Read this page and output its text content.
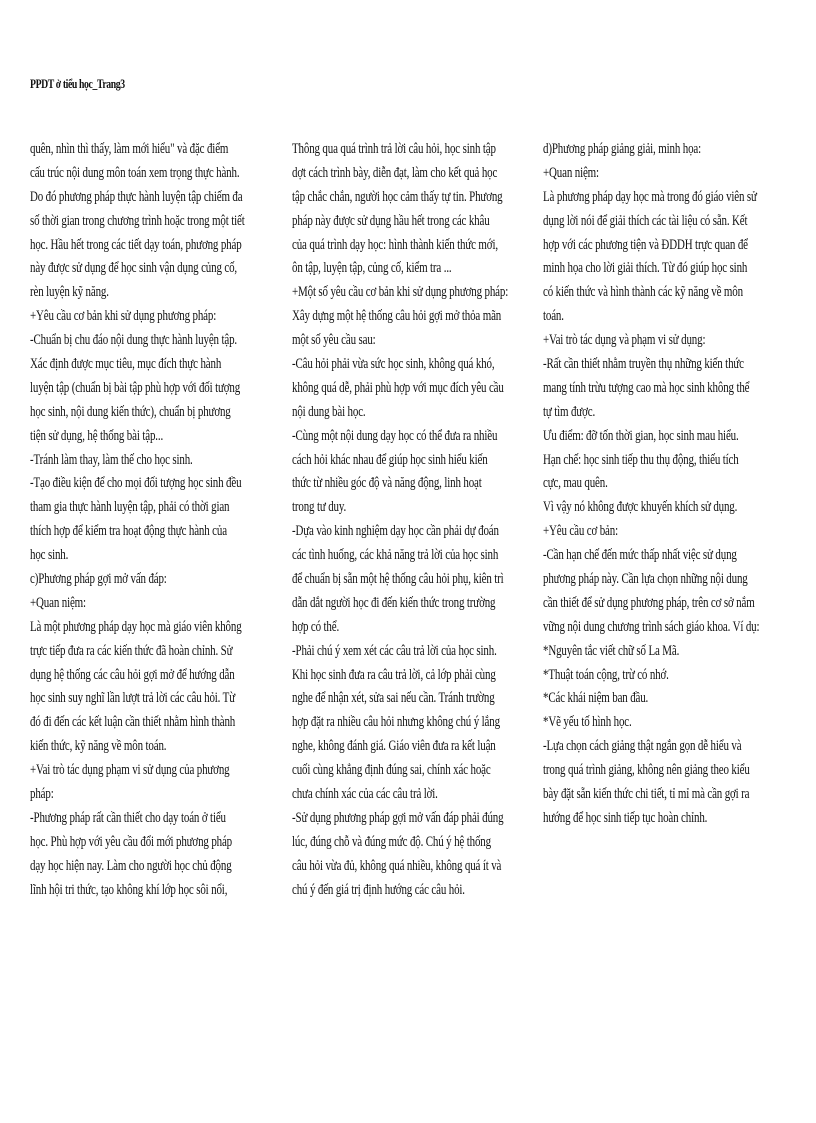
PPDT ở tiểu học_Trang3
quên, nhìn thì thấy, làm mới hiểu" và đặc điểm
cấu trúc nội dung môn toán xem trọng thực hành.
Do đó phương pháp thực hành luyện tập chiếm đa
số thời gian trong chương trình hoặc trong một tiết
học. Hầu hết trong các tiết dạy toán, phương pháp
này được sử dụng để học sinh vận dụng củng cố,
rèn luyện kỹ năng.
+Yêu cầu cơ bản khi sử dụng phương pháp:
-Chuẩn bị chu đáo nội dung thực hành luyện tập.
Xác định được mục tiêu, mục đích thực hành
luyện tập (chuẩn bị bài tập phù hợp với đối tượng
học sinh, nội dung kiến thức), chuẩn bị phương
tiện sử dụng, hệ thống bài tập...
-Tránh làm thay, làm thế cho học sinh.
-Tạo điều kiện để cho mọi đối tượng học sinh đều
tham gia thực hành luyện tập, phải có thời gian
thích hợp để kiểm tra hoạt động thực hành của
học sinh.
c)Phương pháp gợi mở vấn đáp:
+Quan niệm:
Là một phương pháp dạy học mà giáo viên không
trực tiếp đưa ra các kiến thức đã hoàn chỉnh. Sử
dụng hệ thống các câu hỏi gợi mở để hướng dẫn
học sinh suy nghĩ lần lượt trả lời các câu hỏi. Từ
đó đi đến các kết luận cần thiết nhằm hình thành
kiến thức, kỹ năng về môn toán.
+Vai trò tác dụng phạm vi sử dụng của phương
pháp:
-Phương pháp rất cần thiết cho dạy toán ở tiểu
học. Phù hợp với yêu cầu đổi mới phương pháp
dạy học hiện nay. Làm cho người học chủ động
lĩnh hội tri thức, tạo không khí lớp học sôi nổi,
Thông qua quá trình trả lời câu hỏi, học sinh tập
dợt cách trình bày, diễn đạt, làm cho kết quả học
tập chắc chắn, người học cảm thấy tự tin. Phương
pháp này được sử dụng hầu hết trong các khâu
của quá trình dạy học: hình thành kiến thức mới,
ôn tập, luyện tập, củng cố, kiểm tra ...
+Một số yêu cầu cơ bản khi sử dụng phương pháp:
Xây dựng một hệ thống câu hỏi gợi mở thỏa mãn
một số yêu cầu sau:
-Câu hỏi phải vừa sức học sinh, không quá khó,
không quá dễ, phải phù hợp với mục đích yêu cầu
nội dung bài học.
-Cùng một nội dung dạy học có thể đưa ra nhiều
cách hỏi khác nhau để giúp học sinh hiểu kiến
thức từ nhiều góc độ và năng động, linh hoạt
trong tư duy.
-Dựa vào kinh nghiệm dạy học cần phải dự đoán
các tình huống, các khả năng trả lời của học sinh
để chuẩn bị sẵn một hệ thống câu hỏi phụ, kiên trì
dẫn dắt người học đi đến kiến thức trong trường
hợp có thể.
-Phải chú ý xem xét các câu trả lời của học sinh.
Khi học sinh đưa ra câu trả lời, cả lớp phải cùng
nghe để nhận xét, sửa sai nếu cần. Tránh trường
hợp đặt ra nhiều câu hỏi nhưng không chú ý lắng
nghe, không đánh giá. Giáo viên đưa ra kết luận
cuối cùng khẳng định đúng sai, chính xác hoặc
chưa chính xác của các câu trả lời.
-Sử dụng phương pháp gợi mở vấn đáp phải đúng
lúc, đúng chỗ và đúng mức độ. Chú ý hệ thống
câu hỏi vừa đủ, không quá nhiều, không quá ít và
chú ý đến giá trị định hướng các câu hỏi.
d)Phương pháp giảng giải, minh họa:
+Quan niệm:
Là phương pháp dạy học mà trong đó giáo viên sử
dụng lời nói để giải thích các tài liệu có sẵn. Kết
hợp với các phương tiện và ĐDDH trực quan để
minh họa cho lời giải thích. Từ đó giúp học sinh
có kiến thức và hình thành các kỹ năng về môn
toán.
+Vai trò tác dụng và phạm vi sử dụng:
-Rất cần thiết nhằm truyền thụ những kiến thức
mang tính trừu tượng cao mà học sinh không thể
tự tìm được.
Ưu điểm: đỡ tốn thời gian, học sinh mau hiểu.
Hạn chế: học sinh tiếp thu thụ động, thiếu tích
cực, mau quên.
Vì vậy nó không được khuyến khích sử dụng.
+Yêu cầu cơ bản:
-Cần hạn chế đến mức thấp nhất việc sử dụng
phương pháp này. Cần lựa chọn những nội dung
cần thiết để sử dụng phương pháp, trên cơ sở nắm
vững nội dung chương trình sách giáo khoa. Ví dụ:
*Nguyên tắc viết chữ số La Mã.
*Thuật toán cộng, trừ có nhớ.
*Các khái niệm ban đầu.
*Vẽ yếu tố hình học.
-Lựa chọn cách giảng thật ngắn gọn dễ hiểu và
trong quá trình giảng, không nên giảng theo kiểu
bày đặt sẵn kiến thức chi tiết, tỉ mỉ mà cần gợi ra
hướng để học sinh tiếp tục hoàn chỉnh.
